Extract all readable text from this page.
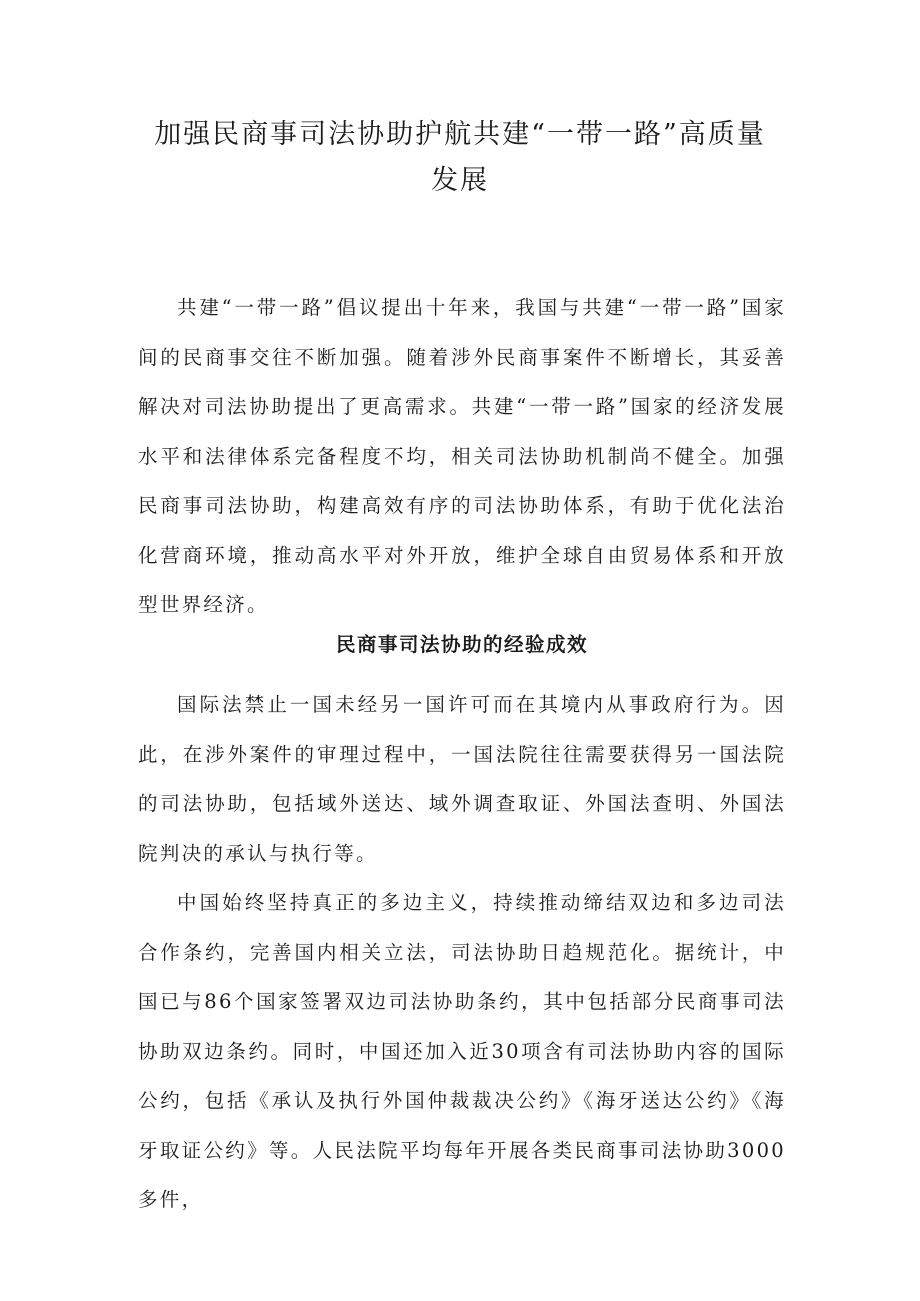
加强民商事司法协助护航共建“一带一路”高质量发展

共建“一带一路”倡议提出十年来，我国与共建“一带一路”国家间的民商事交往不断加强。随着涉外民商事案件不断增长，其妥善解决对司法协助提出了更高需求。共建“一带一路”国家的经济发展水平和法律体系完备程度不均，相关司法协助机制尚不健全。加强民商事司法协助，构建高效有序的司法协助体系，有助于优化法治化营商环境，推动高水平对外开放，维护全球自由贸易体系和开放型世界经济。

民商事司法协助的经验成效

国际法禁止一国未经另一国许可而在其境内从事政府行为。因此，在涉外案件的审理过程中，一国法院往往需要获得另一国法院的司法协助，包括域外送达、域外调查取证、外国法查明、外国法院判决的承认与执行等。

中国始终坚持真正的多边主义，持续推动缔结双边和多边司法合作条约，完善国内相关立法，司法协助日趋规范化。据统计，中国已与86个国家签署双边司法协助条约，其中包括部分民商事司法协助双边条约。同时，中国还加入近30项含有司法协助内容的国际公约，包括《承认及执行外国仲裁裁决公约》《海牙送达公约》《海牙取证公约》等。人民法院平均每年开展各类民商事司法协助3000多件，
